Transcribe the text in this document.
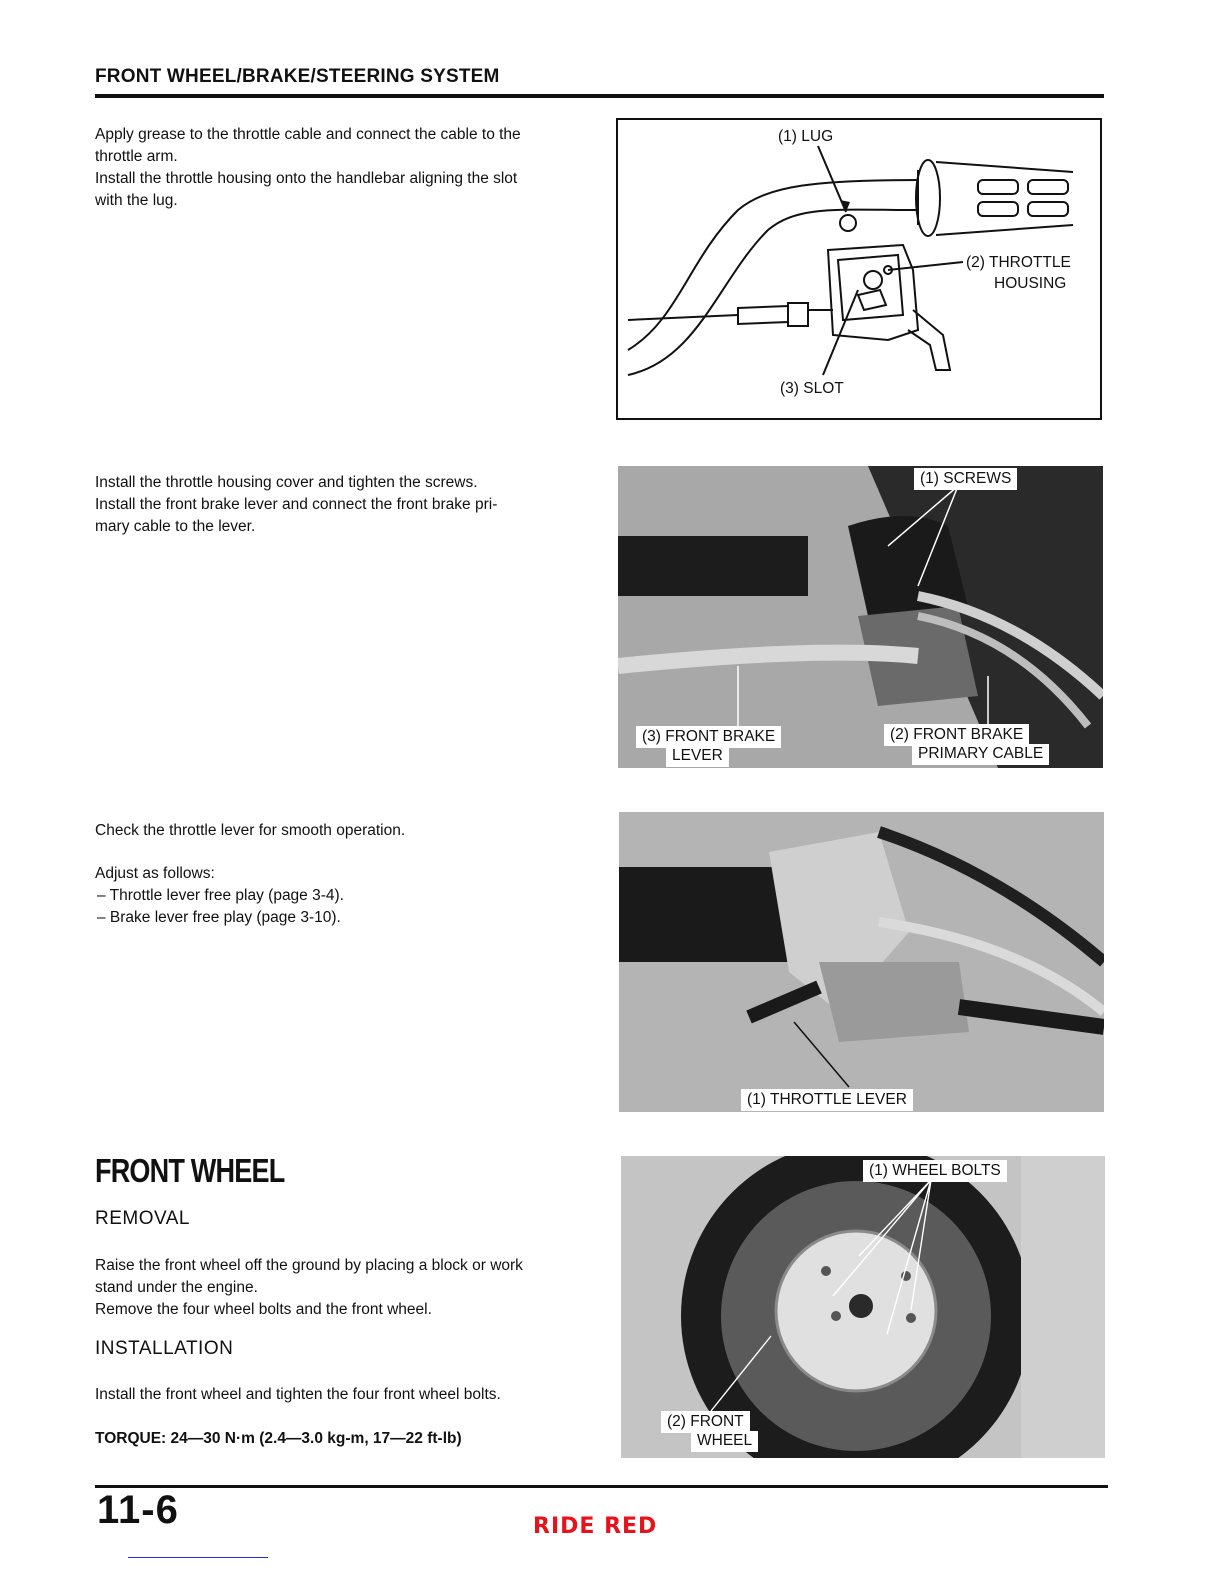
FRONT WHEEL/BRAKE/STEERING SYSTEM
Apply grease to the throttle cable and connect the cable to the
throttle arm.
Install the throttle housing onto the handlebar aligning the slot
with the lug.
Install the throttle housing cover and tighten the screws.
Install the front brake lever and connect the front brake pri-
mary cable to the lever.
Check the throttle lever for smooth operation.
Adjust as follows:
– Throttle lever free play (page 3-4).
– Brake lever free play (page 3-10).
(1) LUG
(2) THROTTLE
HOUSING
(3) SLOT
(1) SCREWS
(3) FRONT BRAKE
LEVER
(2) FRONT BRAKE
PRIMARY CABLE
(1) THROTTLE LEVER
(1) WHEEL BOLTS
(2) FRONT
WHEEL
FRONT WHEEL
REMOVAL
Raise the front wheel off the ground by placing a block or work
stand under the engine.
Remove the four wheel bolts and the front wheel.
INSTALLATION
Install the front wheel and tighten the four front wheel bolts.
TORQUE: 24—30 N·m (2.4—3.0 kg-m, 17—22 ft-lb)
11-6	RIDE RED
